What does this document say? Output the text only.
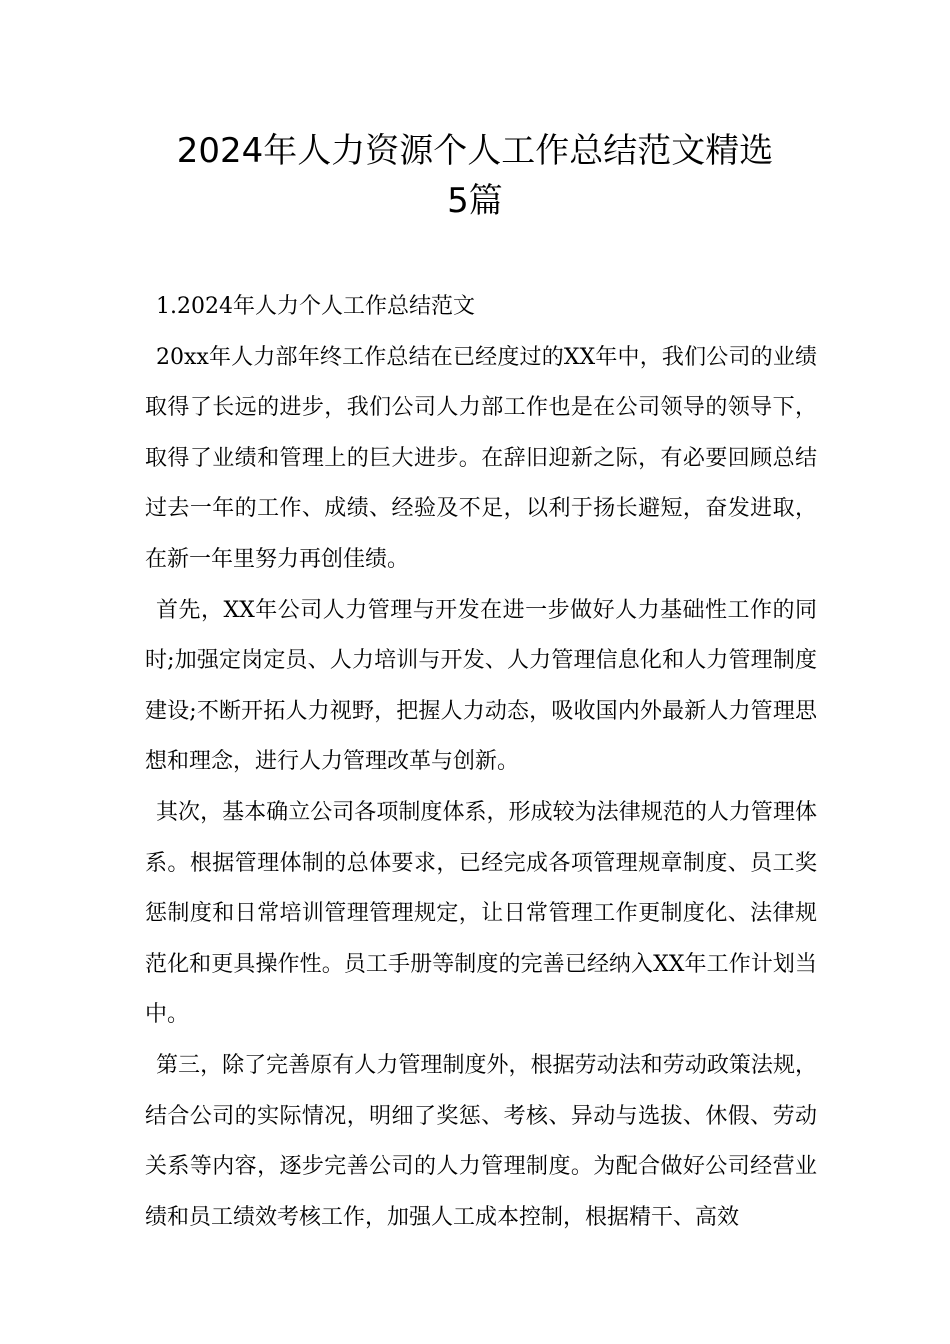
2024年人力资源个人工作总结范文精选
5篇

1.2024年人力个人工作总结范文

20xx年人力部年终工作总结在已经度过的XX年中，我们公司的业绩取得了长远的进步，我们公司人力部工作也是在公司领导的领导下，取得了业绩和管理上的巨大进步。在辞旧迎新之际，有必要回顾总结过去一年的工作、成绩、经验及不足，以利于扬长避短，奋发进取，在新一年里努力再创佳绩。

首先，XX年公司人力管理与开发在进一步做好人力基础性工作的同时;加强定岗定员、人力培训与开发、人力管理信息化和人力管理制度建设;不断开拓人力视野，把握人力动态，吸收国内外最新人力管理思想和理念，进行人力管理改革与创新。

其次，基本确立公司各项制度体系，形成较为法律规范的人力管理体系。根据管理体制的总体要求，已经完成各项管理规章制度、员工奖惩制度和日常培训管理管理规定，让日常管理工作更制度化、法律规范化和更具操作性。员工手册等制度的完善已经纳入XX年工作计划当中。

第三，除了完善原有人力管理制度外，根据劳动法和劳动政策法规，结合公司的实际情况，明细了奖惩、考核、异动与选拔、休假、劳动关系等内容，逐步完善公司的人力管理制度。为配合做好公司经营业绩和员工绩效考核工作，加强人工成本控制，根据精干、高效
